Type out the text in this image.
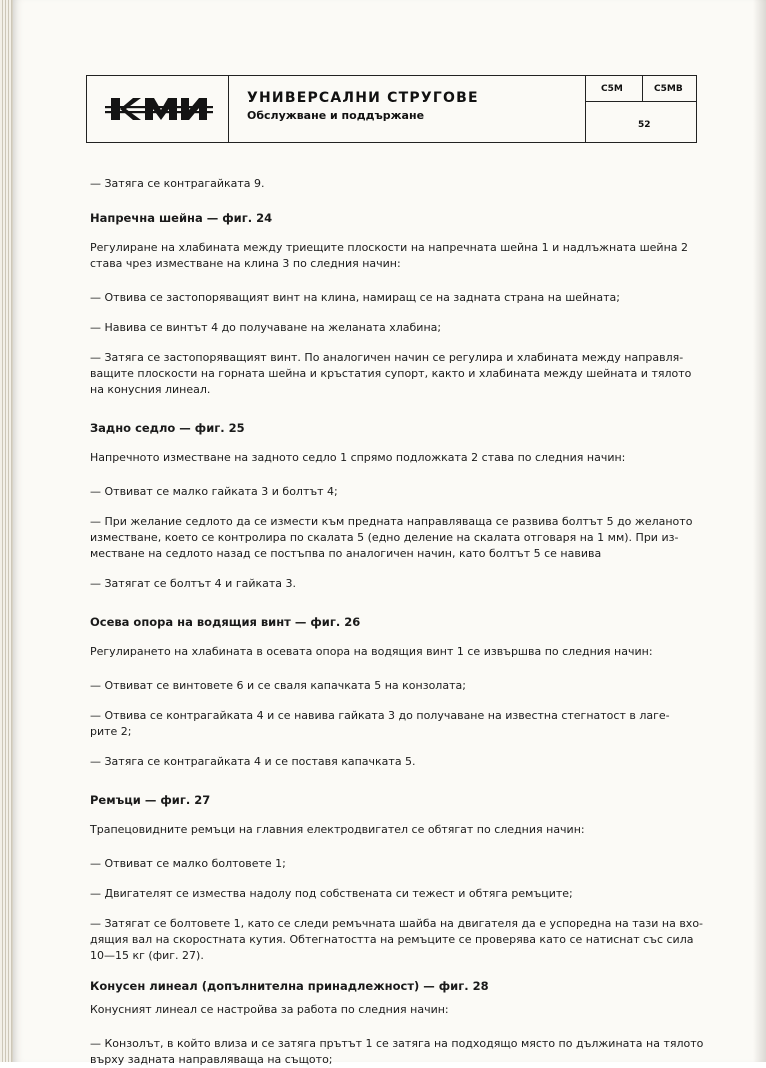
УНИВЕРСАЛНИ СТРУГОВЕ
Обслужване и поддържане
C5M	C5MB
52

— Затяга се контрагайката 9.

Напречна шейна — фиг. 24

Регулиране на хлабината между триещите плоскости на напречната шейна 1 и надлъжната шейна 2

става чрез изместване на клина 3 по следния начин:

— Отвива се застопоряващият винт на клина, намиращ се на задната страна на шейната;

— Навива се винтът 4 до получаване на желаната хлабина;

— Затяга се застопоряващият винт. По аналогичен начин се регулира и хлабината между направля-

ващите плоскости на горната шейна и кръстатия супорт, както и хлабината между шейната и тялото

на конусния линеал.

Задно седло — фиг. 25

Напречното изместване на задното седло 1 спрямо подложката 2 става по следния начин:

— Отвиват се малко гайката 3 и болтът 4;

— При желание седлото да се измести към предната направляваща се развива болтът 5 до желаното

изместване, което се контролира по скалата 5 (едно деление на скалата отговаря на 1 мм). При из-

местване на седлото назад се постъпва по аналогичен начин, като болтът 5 се навива

— Затягат се болтът 4 и гайката 3.

Осева опора на водящия винт — фиг. 26

Регулирането на хлабината в осевата опора на водящия винт 1 се извършва по следния начин:

— Отвиват се винтовете 6 и се сваля капачката 5 на конзолата;

— Отвива се контрагайката 4 и се навива гайката 3 до получаване на известна стегнатост в лаге-

рите 2;

— Затяга се контрагайката 4 и се поставя капачката 5.

Ремъци — фиг. 27

Трапецовидните ремъци на главния електродвигател се обтягат по следния начин:

— Отвиват се малко болтовете 1;

— Двигателят се измества надолу под собствената си тежест и обтяга ремъците;

— Затягат се болтовете 1, като се следи ремъчната шайба на двигателя да е успоредна на тази на вхо-

дящия вал на скоростната кутия. Обтегнатостта на ремъците се проверява като се натиснат със сила

10—15 кг (фиг. 27).

Конусен линеал (допълнителна принадлежност) — фиг. 28

Конусният линеал се настройва за работа по следния начин:

— Конзолът, в който влиза и се затяга прътът 1 се затяга на подходящо място по дължината на тялото

върху задната направляваща на същото;
